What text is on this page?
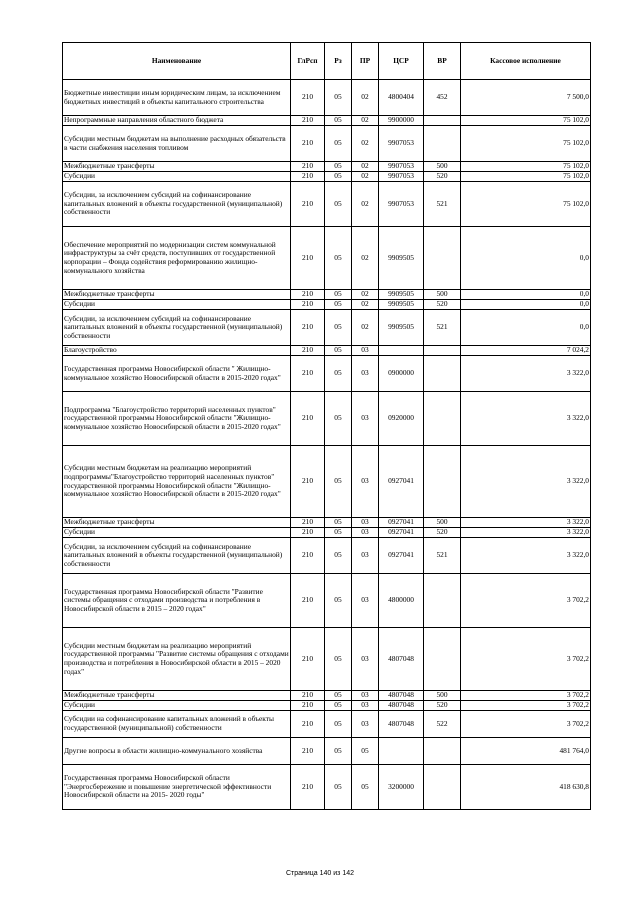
Наименование	ГлРсп	Рз	ПР	ЦСР	ВР	Кассовое исполнение
Бюджетные инвестиции иным юридическим лицам, за исключением бюджетных инвестиций в объекты капитального строительства	210	05	02	4800404	452	7 500,0
Непрограммные направления областного бюджета	210	05	02	9900000		75 102,0
Субсидии местным бюджетам на выполнение расходных обязательств в части снабжения населения топливом	210	05	02	9907053		75 102,0
Межбюджетные трансферты	210	05	02	9907053	500	75 102,0
Субсидии	210	05	02	9907053	520	75 102,0
Субсидии, за исключением субсидий на софинансирование капитальных вложений в объекты государственной (муниципальной) собственности	210	05	02	9907053	521	75 102,0
Обеспечение мероприятий по модернизации систем коммунальной инфраструктуры за счёт средств, поступивших от государственной корпорации – Фонда содействия реформированию жилищно-коммунального хозяйства	210	05	02	9909505		0,0
Межбюджетные трансферты	210	05	02	9909505	500	0,0
Субсидии	210	05	02	9909505	520	0,0
Субсидии, за исключением субсидий на софинансирование капитальных вложений в объекты государственной (муниципальной) собственности	210	05	02	9909505	521	0,0
Благоустройство	210	05	03			7 024,2
Государственная программа Новосибирской области " Жилищно-коммунальное хозяйство Новосибирской области в 2015-2020 годах"	210	05	03	0900000		3 322,0
Подпрограмма "Благоустройство территорий населенных пунктов" государственной программы Новосибирской области "Жилищно-коммунальное хозяйство Новосибирской области в 2015-2020 годах"	210	05	03	0920000		3 322,0
Субсидии местным бюджетам на реализацию мероприятий подпрограммы"Благоустройство территорий населенных пунктов" государственной программы Новосибирской области "Жилищно-коммунальное хозяйство Новосибирской области в 2015-2020 годах"	210	05	03	0927041		3 322,0
Межбюджетные трансферты	210	05	03	0927041	500	3 322,0
Субсидии	210	05	03	0927041	520	3 322,0
Субсидии, за исключением субсидий на софинансирование капитальных вложений в объекты государственной (муниципальной) собственности	210	05	03	0927041	521	3 322,0
Государственная программа Новосибирской области "Развитие системы обращения с отходами производства и потребления в Новосибирской области в 2015 – 2020 годах"	210	05	03	4800000		3 702,2
Субсидии местным бюджетам на реализацию мероприятий государственной программы "Развитие системы обращения с отходами производства и потребления в Новосибирской области в 2015 – 2020 годах"	210	05	03	4807048		3 702,2
Межбюджетные трансферты	210	05	03	4807048	500	3 702,2
Субсидии	210	05	03	4807048	520	3 702,2
Субсидии на софинансирование капитальных вложений в объекты государственной (муниципальной) собственности	210	05	03	4807048	522	3 702,2
Другие вопросы в области жилищно-коммунального хозяйства	210	05	05			481 764,0
Государственная программа Новосибирской области "Энергосбережение и повышение энергетической эффективности Новосибирской области на 2015- 2020 годы"	210	05	05	3200000		418 630,8
Страница 140 из 142
